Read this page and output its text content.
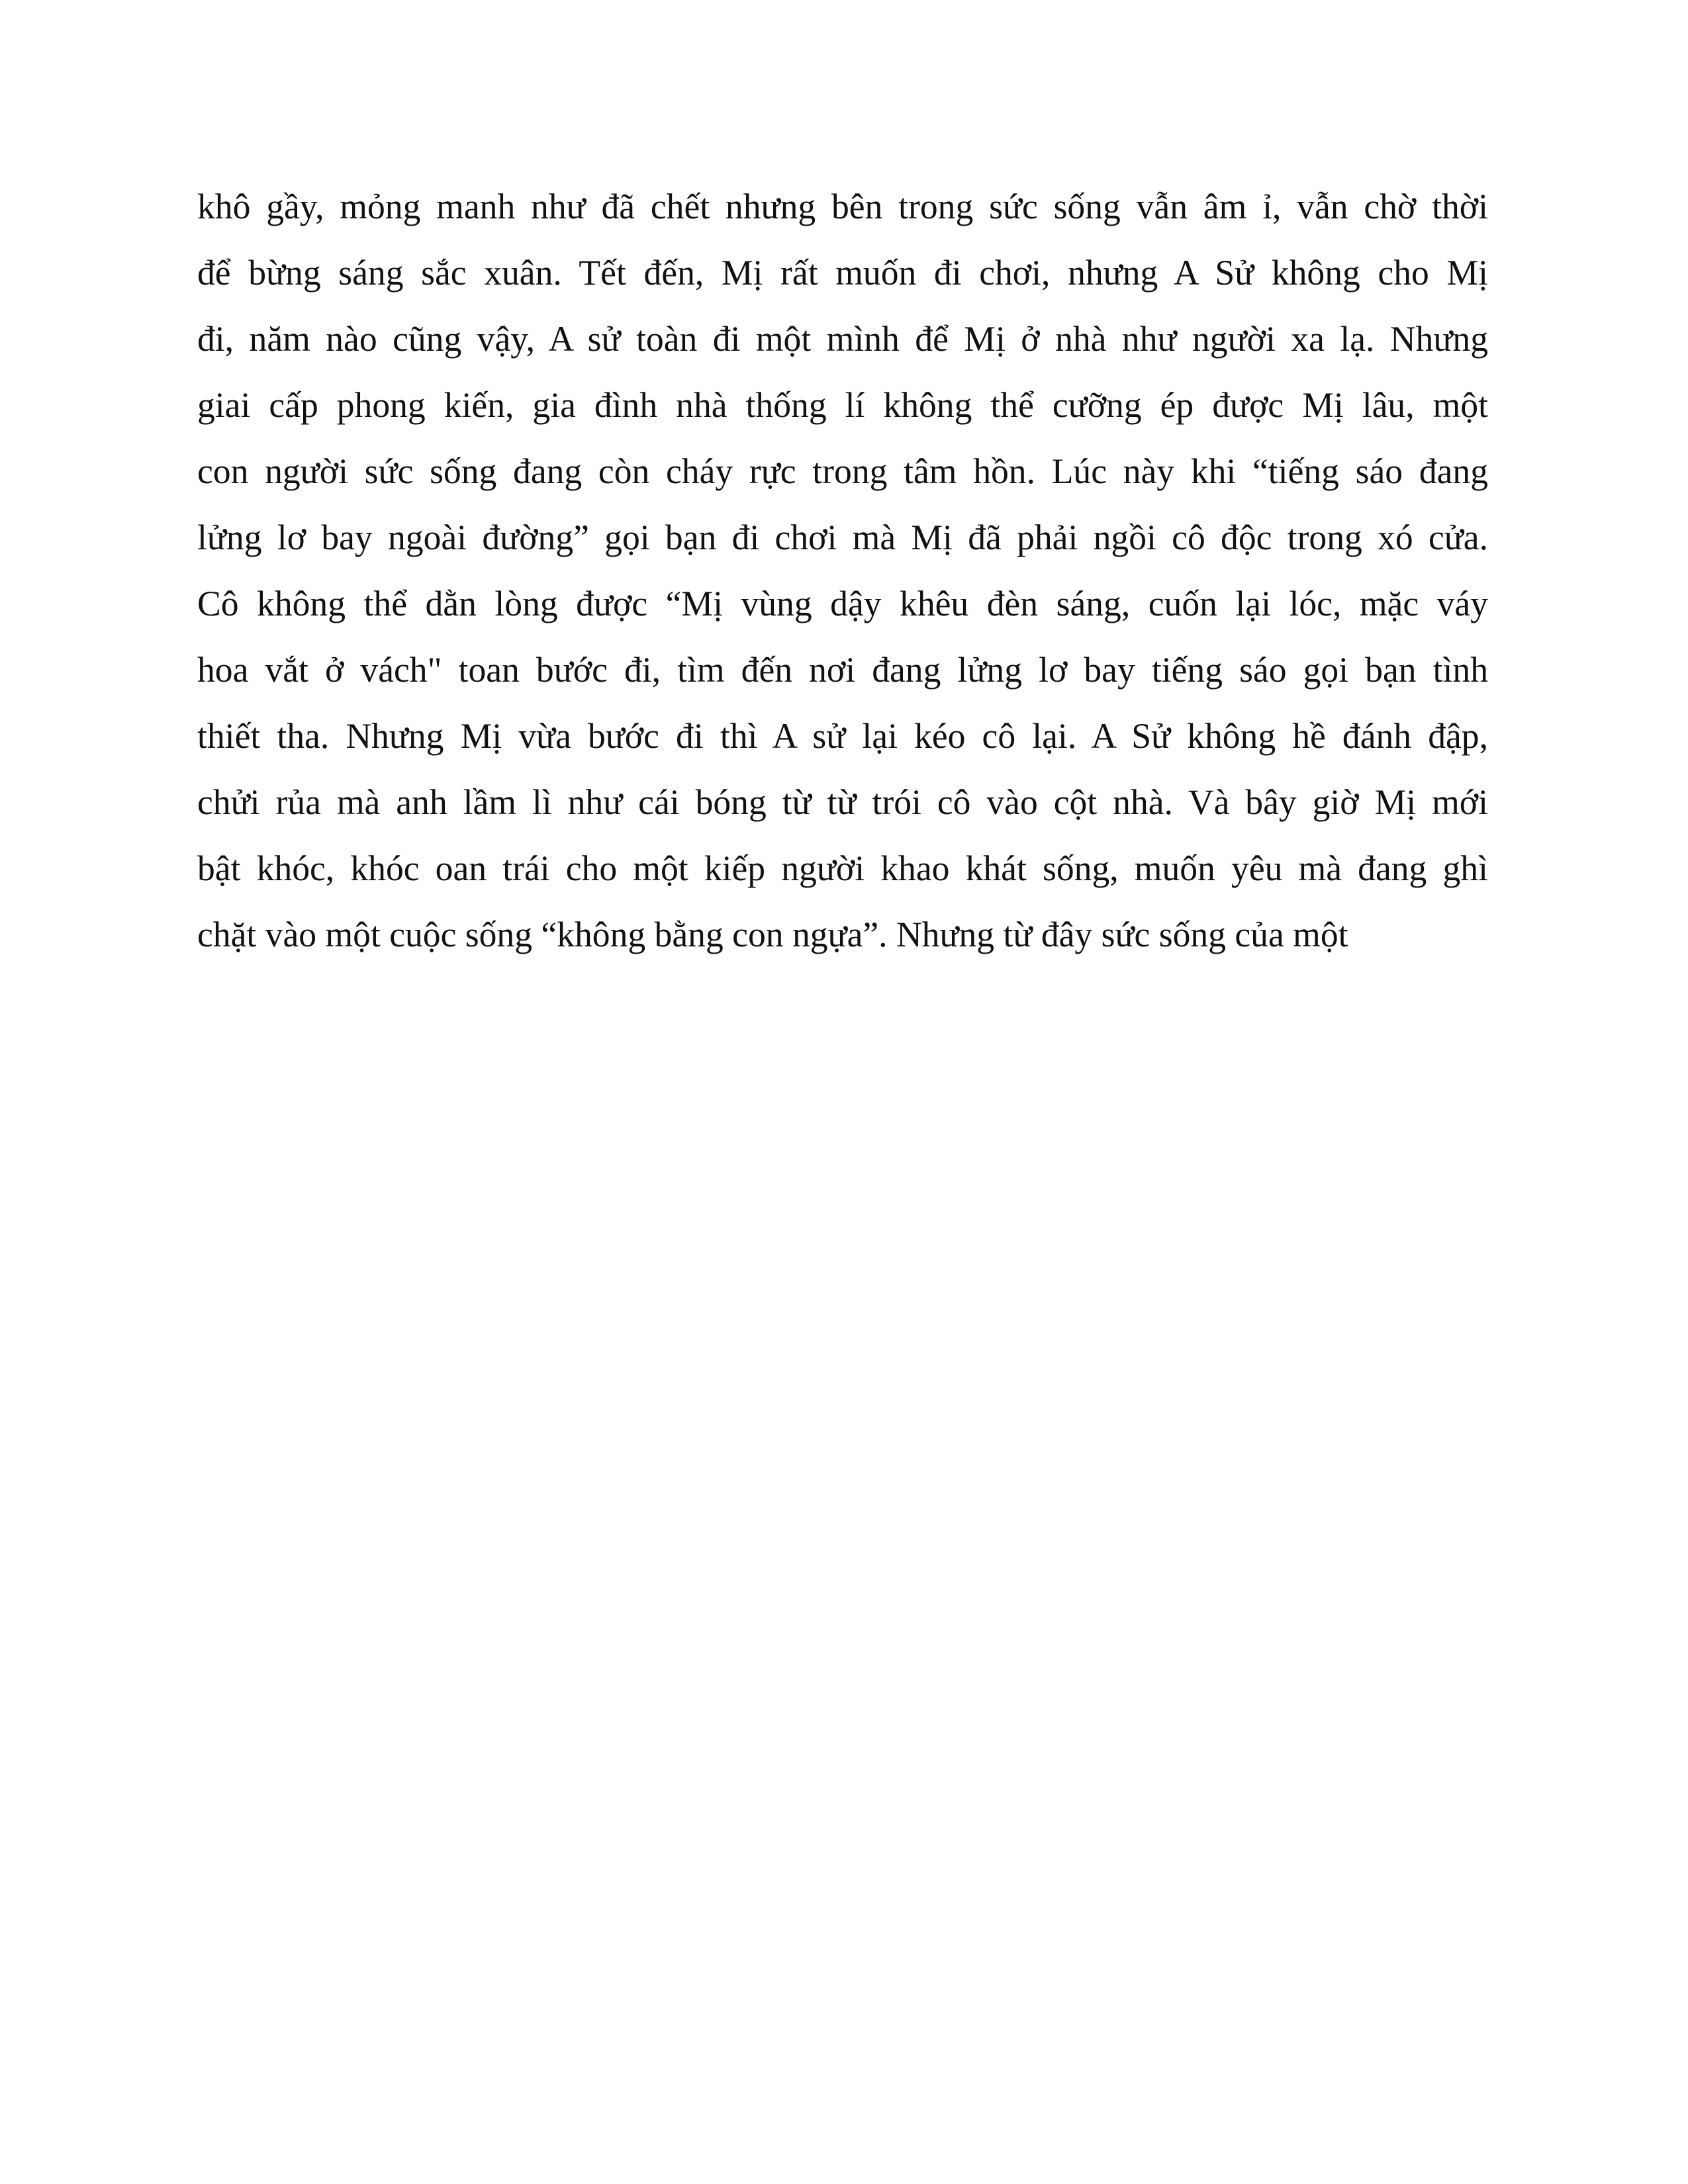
khô gầy, mỏng manh như đã chết nhưng bên trong sức sống vẫn âm ỉ, vẫn chờ thời
để bừng sáng sắc xuân. Tết đến, Mị rất muốn đi chơi, nhưng A Sử không cho Mị
đi, năm nào cũng vậy, A sử toàn đi một mình để Mị ở nhà như người xa lạ. Nhưng
giai cấp phong kiến, gia đình nhà thống lí không thể cưỡng ép được Mị lâu, một
con người sức sống đang còn cháy rực trong tâm hồn. Lúc này khi “tiếng sáo đang
lửng lơ bay ngoài đường” gọi bạn đi chơi mà Mị đã phải ngồi cô độc trong xó cửa.
Cô không thể dằn lòng được “Mị vùng dậy khêu đèn sáng, cuốn lại lóc, mặc váy
hoa vắt ở vách" toan bước đi, tìm đến nơi đang lửng lơ bay tiếng sáo gọi bạn tình
thiết tha. Nhưng Mị vừa bước đi thì A sử lại kéo cô lại. A Sử không hề đánh đập,
chửi rủa mà anh lầm lì như cái bóng từ từ trói cô vào cột nhà. Và bây giờ Mị mới
bật khóc, khóc oan trái cho một kiếp người khao khát sống, muốn yêu mà đang ghì
chặt vào một cuộc sống “không bằng con ngựa”. Nhưng từ đây sức sống của một
